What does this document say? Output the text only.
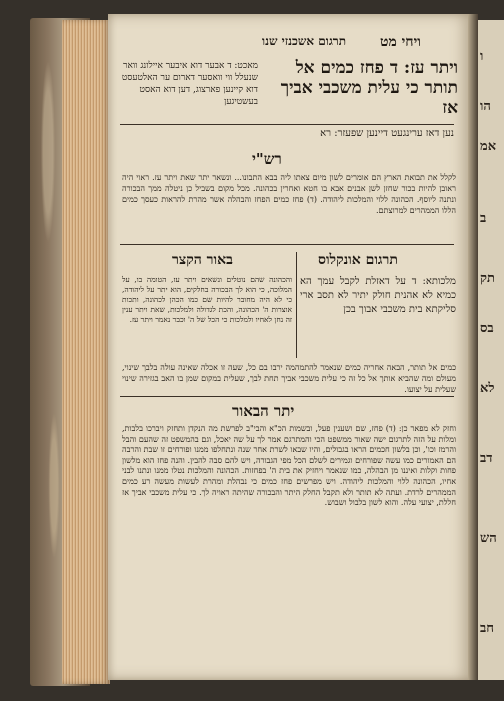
ו
הו
אמ
ב
תק
בס
לא
דב
הש
חב
ויחי מט
תרגום אשכנזי שנו
ויתר עז: ד פחז כמים אל תותר כי עלית משכבי אביך אז
מאכט: ד אבער דוא איבער איילונג וואר שנעלל ווי וואסער דארום ער האלטעסט דוא קיינען פארצוג, דען דוא האסט בעשטיגען
נען דאז ערינגעט דיינען שפעזר: רא
רש"י
לקלל את תבואת הארץ הם אומרים לשון מיום צאתו ליה בבא התבונו... ונשאר יתר שאת ויתר עז. ראוי היה ראובן להיות בכור שחזן לשן אבנים אבא בו חטא ואחרין בכהונה. מכל מקום בשביל כן ניטלה ממך הבכורה ונתנה ליוסף. הכהונה ללוי והמלכות ליהודה. (ד) פחז כמים הפחז והבהלה אשר מהרת להראות כעסך כמים הללו הממהרים למרוצתם.
תרגום אונקלוס
באור הקצר
מלכותא: ד על דאזלת לקבל עמך הא כמיא לא אהנית חולק יתיר לא תסב ארי סליקתא בית משכבי אבוך בכן
והכהונה שהם נוטלים ונשאים ויתר עז, הטומה בו, על המלוכה, כי הוא לך הבכורה בחלקים, הוא יתר על ליהודה, כי לא היה מחובר להיות שם כמו הכהן לכהונה, ותכות אוצרות ה' הכהונה, והכת לגדולה ולמלכות, שאת ויתר ענין זה נחן לאחיו ולמלכות כי הכל של ה' וכבר נאמר ויתר עז.
כמים אל תותר, הבאה אחריה כמים שנאמר להתמהמה ירבו בם כל, שעה זו אכלה שאינה עולה בלבך שינוי, מעולם ומה שהביא אותך אל כל זה כי עלית משכבי אביך תחת לבך, שעלית במקום שמן בו האב בגזירה שינוי שעלית על יצועו.
יתר הבאור
וחזק לא מפאר כן: (ד) פחז, שם ושענין פעל, ובשמות הכ"א והבי"ב לפרשת מה הנקדן ותחזק ויברכו בלבות, ומלות על הזה לתרגום ישה שאור ממשפט הכי והמתרגם אמר לך על שה יאכל, וגם בהמשפט זה שהעם והבל והרמז וכו', וכן בלשון חכמים הראו בגבולים, והיו שבאו לשרת אחר שנה ונתחלפו ממנו ופורחים זו שבת והרבה הם האמורים כמו עשה שפורחים וגמירים לשלם הכל מפי הגבורה, ויש להם סבה להבין. והנה פחז הוא מלשון פחות וקלות ואיננו מן הבהלה, כמו שנאמר ויחזיק את בית ה' בפחזות. הכהונה והמלכות נטלו ממנו ונתנו לבני אחיו, הכהונה ללוי והמלכות ליהודה. ויש מפרשים פחז כמים כי נבהלת ומהרת לעשות מעשה רע כמים הממהרים לרדת. ועתה לא תותר ולא תקבל החלק היתר והבכורה שהיתה ראויה לך. כי עלית משכבי אביך אז חללת, יצועי עלה. והוא לשון בלבול ושבוש.
